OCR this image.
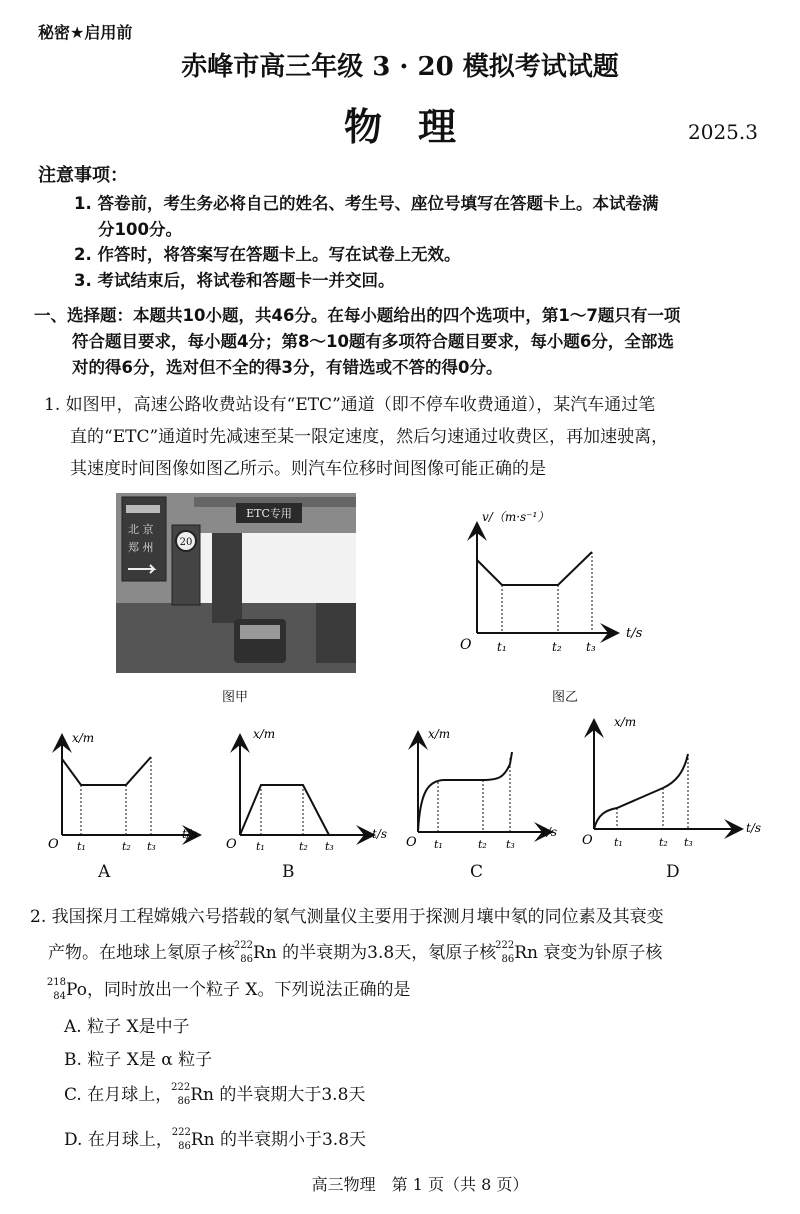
秘密★启用前
赤峰市高三年级 3 · 20 模拟考试试题
物理	2025.3
注意事项：
1. 答卷前，考生务必将自己的姓名、考生号、座位号填写在答题卡上。本试卷满
分100分。
2. 作答时，将答案写在答题卡上。写在试卷上无效。
3. 考试结束后，将试卷和答题卡一并交回。
一、选择题：本题共10小题，共46分。在每小题给出的四个选项中，第1～7题只有一项
符合题目要求，每小题4分；第8～10题有多项符合题目要求，每小题6分，全部选
对的得6分，选对但不全的得3分，有错选或不答的得0分。
1. 如图甲，高速公路收费站设有“ETC”通道（即不停车收费通道），某汽车通过笔
直的“ETC”通道时先减速至某一限定速度，然后匀速通过收费区，再加速驶离，
其速度时间图像如图乙所示。则汽车位移时间图像可能正确的是
北 京
郑 州	20
ETC专用
图甲
v/（m·s⁻¹）
t/s
O t₁	t₂ t₃
图乙
x/m
t/s
O t₁	t₂ t₃
A
x/m
t/s
O t₁	t₂ t₃
B
x/m
t/s
O t₁	t₂ t₃
C
x/m
t/s
O t₁	t₂ t₃
D
2. 我国探月工程嫦娥六号搭载的氡气测量仪主要用于探测月壤中氡的同位素及其衰变
产物。在地球上氡原子核
222
86 Rn 的半衰期为3.8天，氡原子核
222
86 Rn 衰变为钋原子核
218
84 Po，同时放出一个粒子 X。下列说法正确的是
A. 粒子 X是中子
B. 粒子 X是 α 粒子
C. 在月球上，
222
86 Rn 的半衰期大于3.8天
D. 在月球上，
222
86 Rn 的半衰期小于3.8天
高三物理　第 1 页（共 8 页）
